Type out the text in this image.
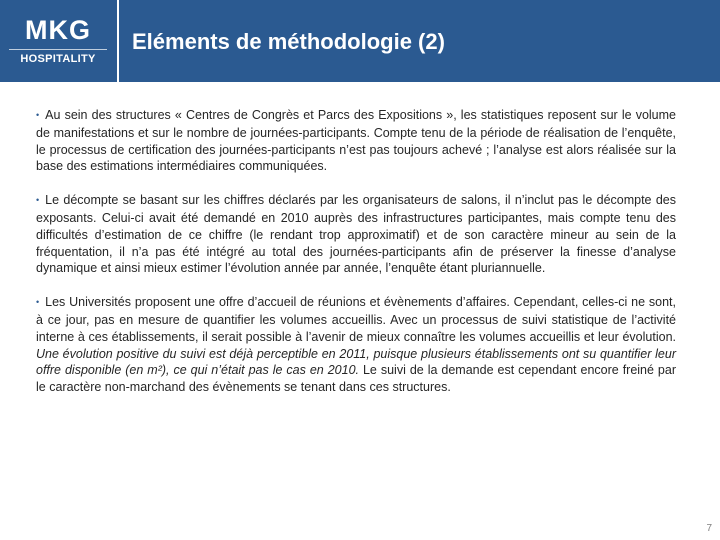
MKG
HOSPITALITY
Eléments de méthodologie (2)

• Au sein des structures « Centres de Congrès et Parcs des Expositions », les statistiques reposent sur le volume de manifestations et sur le nombre de journées-participants. Compte tenu de la période de réalisation de l’enquête, le processus de certification des journées-participants n’est pas toujours achevé ; l’analyse est alors réalisée sur la base des estimations intermédiaires communiquées.

• Le décompte se basant sur les chiffres déclarés par les organisateurs de salons, il n’inclut pas le décompte des exposants. Celui-ci avait été demandé en 2010 auprès des infrastructures participantes, mais compte tenu des difficultés d’estimation de ce chiffre (le rendant trop approximatif) et de son caractère mineur au sein de la fréquentation, il n’a pas été intégré au total des journées-participants afin de préserver la finesse d’analyse dynamique et ainsi mieux estimer l’évolution année par année, l’enquête étant pluriannuelle.

• Les Universités proposent une offre d’accueil de réunions et évènements d’affaires. Cependant, celles-ci ne sont, à ce jour, pas en mesure de quantifier les volumes accueillis. Avec un processus de suivi statistique de l’activité interne à ces établissements, il serait possible à l’avenir de mieux connaître les volumes accueillis et leur évolution. Une évolution positive du suivi est déjà perceptible en 2011, puisque plusieurs établissements ont su quantifier leur offre disponible (en m²), ce qui n’était pas le cas en 2010. Le suivi de la demande est cependant encore freiné par le caractère non-marchand des évènements se tenant dans ces structures.

7
